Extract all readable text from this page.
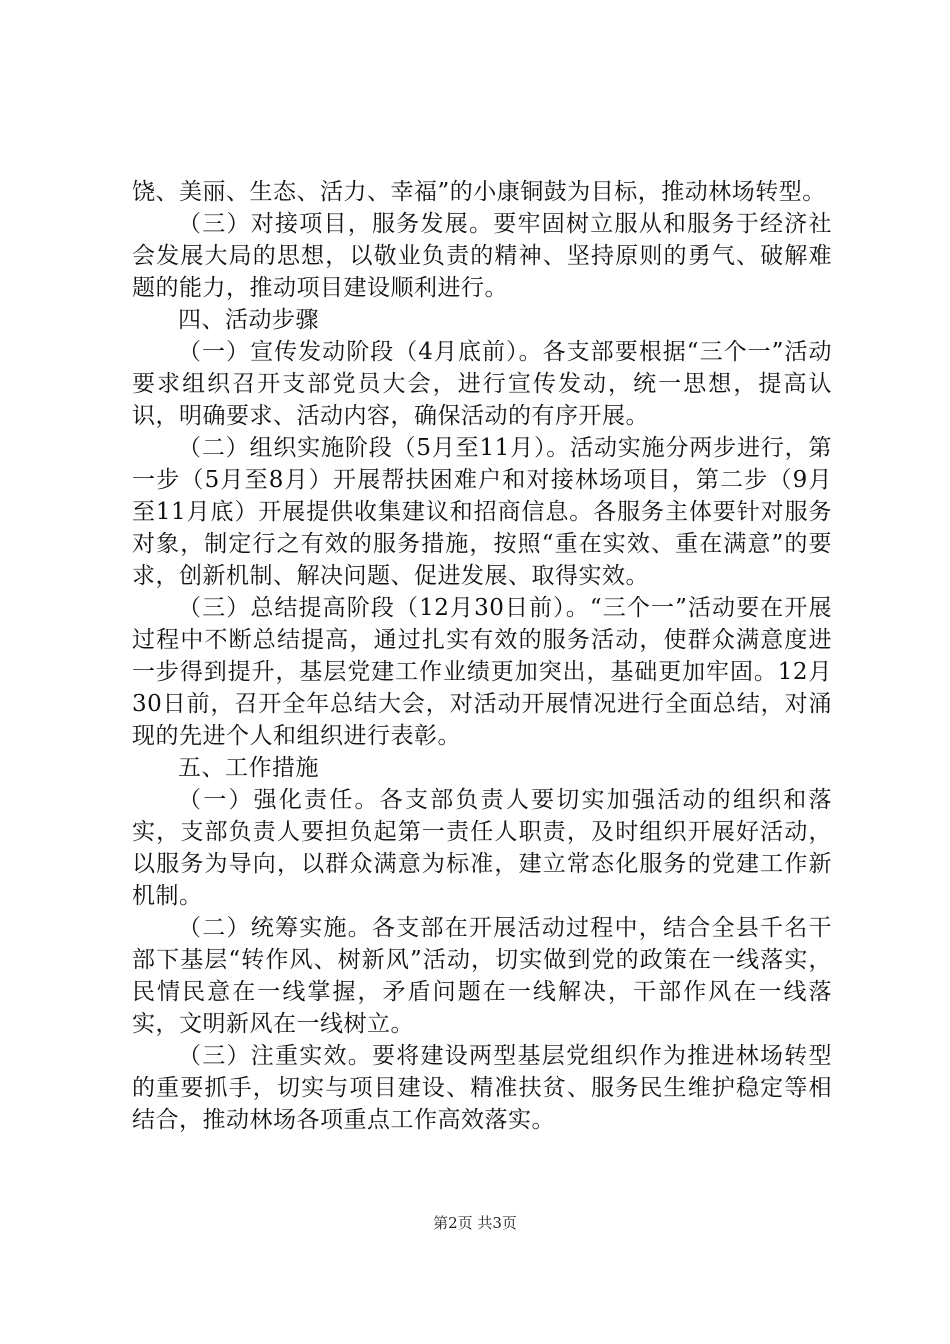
饶、美丽、生态、活力、幸福”的小康铜鼓为目标，推动林场转型。

（三）对接项目，服务发展。要牢固树立服从和服务于经济社会发展大局的思想，以敬业负责的精神、坚持原则的勇气、破解难题的能力，推动项目建设顺利进行。

四、活动步骤

（一）宣传发动阶段（4月底前）。各支部要根据“三个一”活动要求组织召开支部党员大会，进行宣传发动，统一思想，提高认识，明确要求、活动内容，确保活动的有序开展。

（二）组织实施阶段（5月至11月）。活动实施分两步进行，第一步（5月至8月）开展帮扶困难户和对接林场项目，第二步（9月至11月底）开展提供收集建议和招商信息。各服务主体要针对服务对象，制定行之有效的服务措施，按照“重在实效、重在满意”的要求，创新机制、解决问题、促进发展、取得实效。

（三）总结提高阶段（12月30日前）。“三个一”活动要在开展过程中不断总结提高，通过扎实有效的服务活动，使群众满意度进一步得到提升，基层党建工作业绩更加突出，基础更加牢固。12月30日前，召开全年总结大会，对活动开展情况进行全面总结，对涌现的先进个人和组织进行表彰。

五、工作措施

（一）强化责任。各支部负责人要切实加强活动的组织和落实，支部负责人要担负起第一责任人职责，及时组织开展好活动，以服务为导向，以群众满意为标准，建立常态化服务的党建工作新机制。

（二）统筹实施。各支部在开展活动过程中，结合全县千名干部下基层“转作风、树新风”活动，切实做到党的政策在一线落实，民情民意在一线掌握，矛盾问题在一线解决，干部作风在一线落实，文明新风在一线树立。

（三）注重实效。要将建设两型基层党组织作为推进林场转型的重要抓手，切实与项目建设、精准扶贫、服务民生维护稳定等相结合，推动林场各项重点工作高效落实。

第2页 共3页
